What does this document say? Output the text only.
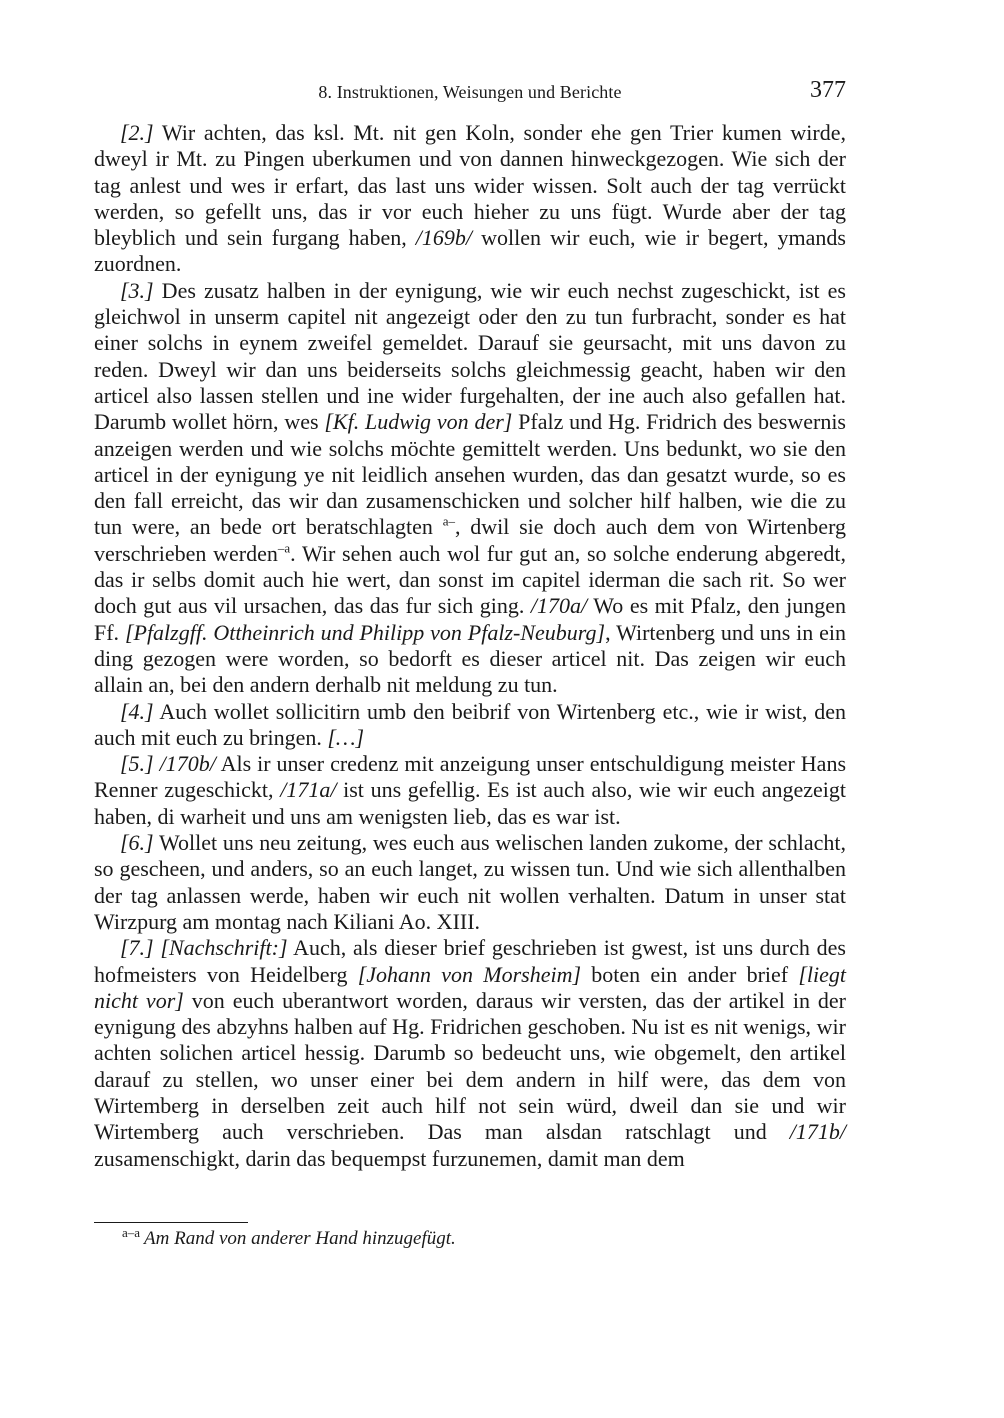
8. Instruktionen, Weisungen und Berichte	377

[2.] Wir achten, das ksl. Mt. nit gen Koln, sonder ehe gen Trier kumen wirde, dweyl ir Mt. zu Pingen uberkumen und von dannen hinweckgezogen. Wie sich der tag anlest und wes ir erfart, das last uns wider wissen. Solt auch der tag verrückt werden, so gefellt uns, das ir vor euch hieher zu uns fügt. Wurde aber der tag bleyblich und sein furgang haben, /169b/ wollen wir euch, wie ir begert, ymands zuordnen.

[3.] Des zusatz halben in der eynigung, wie wir euch nechst zugeschickt, ist es gleichwol in unserm capitel nit angezeigt oder den zu tun furbracht, sonder es hat einer solchs in eynem zweifel gemeldet. Darauf sie geursacht, mit uns davon zu reden. Dweyl wir dan uns beiderseits solchs gleichmessig geacht, haben wir den articel also lassen stellen und ine wider furgehalten, der ine auch also gefallen hat. Darumb wollet hörn, wes [Kf. Ludwig von der] Pfalz und Hg. Fridrich des beswernis anzeigen werden und wie solchs möchte gemittelt werden. Uns bedunkt, wo sie den articel in der eynigung ye nit leidlich ansehen wurden, das dan gesatzt wurde, so es den fall erreicht, das wir dan zusamenschicken und solcher hilf halben, wie die zu tun were, an bede ort beratschlagten $^{a-}$, dwil sie doch auch dem von Wirtenberg verschrieben werden$^{-a}$. Wir sehen auch wol fur gut an, so solche enderung abgeredt, das ir selbs domit auch hie wert, dan sonst im capitel iderman die sach rit. So wer doch gut aus vil ursachen, das das fur sich ging. /170a/ Wo es mit Pfalz, den jungen Ff. [Pfalzgff. Ottheinrich und Philipp von Pfalz-Neuburg], Wirtenberg und uns in ein ding gezogen were worden, so bedorft es dieser articel nit. Das zeigen wir euch allain an, bei den andern derhalb nit meldung zu tun.

[4.] Auch wollet sollicitirn umb den beibrif von Wirtenberg etc., wie ir wist, den auch mit euch zu bringen. […]

[5.] /170b/ Als ir unser credenz mit anzeigung unser entschuldigung meister Hans Renner zugeschickt, /171a/ ist uns gefellig. Es ist auch also, wie wir euch angezeigt haben, di warheit und uns am wenigsten lieb, das es war ist.

[6.] Wollet uns neu zeitung, wes euch aus welischen landen zukome, der schlacht, so gescheen, und anders, so an euch langet, zu wissen tun. Und wie sich allenthalben der tag anlassen werde, haben wir euch nit wollen verhalten. Datum in unser stat Wirzpurg am montag nach Kiliani Ao. XIII.

[7.] [Nachschrift:] Auch, als dieser brief geschrieben ist gwest, ist uns durch des hofmeisters von Heidelberg [Johann von Morsheim] boten ein ander brief [liegt nicht vor] von euch uberantwort worden, daraus wir versten, das der artikel in der eynigung des abzyhns halben auf Hg. Fridrichen geschoben. Nu ist es nit wenigs, wir achten solichen articel hessig. Darumb so bedeucht uns, wie obgemelt, den artikel darauf zu stellen, wo unser einer bei dem andern in hilf were, das dem von Wirtemberg in derselben zeit auch hilf not sein würd, dweil dan sie und wir Wirtemberg auch verschrieben. Das man alsdan ratschlagt und /171b/ zusamenschigkt, darin das bequempst furzunemen, damit man dem

$^{a-a}$ Am Rand von anderer Hand hinzugefügt.
